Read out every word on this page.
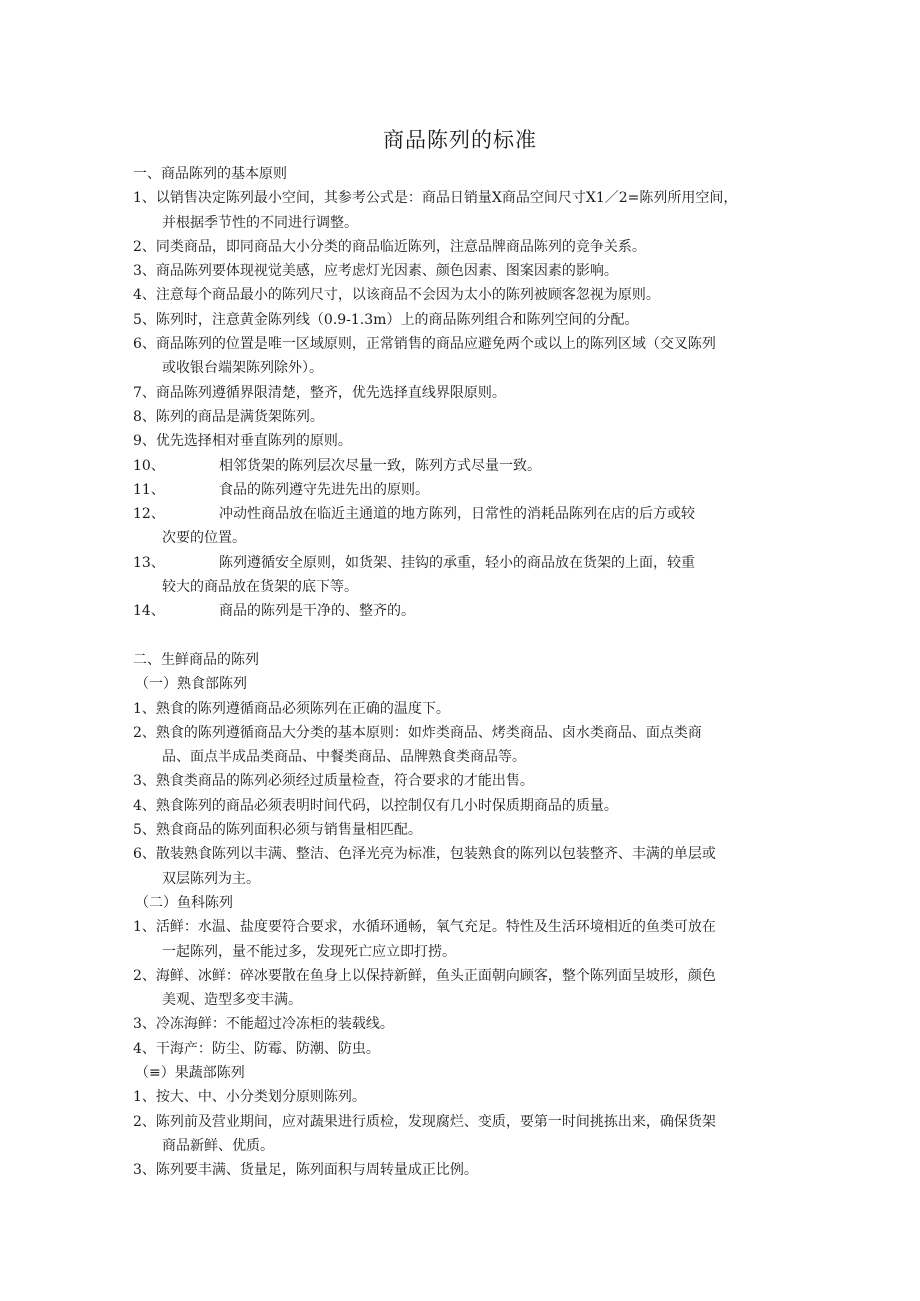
商品陈列的标准
一、商品陈列的基本原则
1、以销售决定陈列最小空间，其参考公式是：商品日销量X商品空间尺寸X1／2=陈列所用空间，
并根据季节性的不同进行调整。
2、同类商品，即同商品大小分类的商品临近陈列，注意品牌商品陈列的竞争关系。
3、商品陈列要体现视觉美感，应考虑灯光因素、颜色因素、图案因素的影响。
4、注意每个商品最小的陈列尺寸，以该商品不会因为太小的陈列被顾客忽视为原则。
5、陈列时，注意黄金陈列线（0.9-1.3m）上的商品陈列组合和陈列空间的分配。
6、商品陈列的位置是唯一区域原则，正常销售的商品应避免两个或以上的陈列区域（交叉陈列
或收银台端架陈列除外）。
7、商品陈列遵循界限清楚，整齐，优先选择直线界限原则。
8、陈列的商品是满货架陈列。
9、优先选择相对垂直陈列的原则。
10、	相邻货架的陈列层次尽量一致，陈列方式尽量一致。
11、	食品的陈列遵守先进先出的原则。
12、	冲动性商品放在临近主通道的地方陈列，日常性的消耗品陈列在店的后方或较
次要的位置。
13、	陈列遵循安全原则，如货架、挂钩的承重，轻小的商品放在货架的上面，较重
较大的商品放在货架的底下等。
14、	商品的陈列是干净的、整齐的。
二、生鲜商品的陈列
（一）熟食部陈列
1、熟食的陈列遵循商品必须陈列在正确的温度下。
2、熟食的陈列遵循商品大分类的基本原则：如炸类商品、烤类商品、卤水类商品、面点类商
品、面点半成品类商品、中餐类商品、品牌熟食类商品等。
3、熟食类商品的陈列必须经过质量检查，符合要求的才能出售。
4、熟食陈列的商品必须表明时间代码，以控制仅有几小时保质期商品的质量。
5、熟食商品的陈列面积必须与销售量相匹配。
6、散装熟食陈列以丰满、整洁、色泽光亮为标准，包装熟食的陈列以包装整齐、丰满的单层或
双层陈列为主。
（二）鱼科陈列
1、活鲜：水温、盐度要符合要求，水循环通畅，氧气充足。特性及生活环境相近的鱼类可放在
一起陈列，量不能过多，发现死亡应立即打捞。
2、海鲜、冰鲜：碎冰要散在鱼身上以保持新鲜，鱼头正面朝向顾客，整个陈列面呈坡形，颜色
美观、造型多变丰满。
3、冷冻海鲜：不能超过冷冻柜的装载线。
4、干海产：防尘、防霉、防潮、防虫。
（≡）果蔬部陈列
1、按大、中、小分类划分原则陈列。
2、陈列前及营业期间，应对蔬果进行质检，发现腐烂、变质，要第一时间挑拣出来，确保货架
商品新鲜、优质。
3、陈列要丰满、货量足，陈列面积与周转量成正比例。
